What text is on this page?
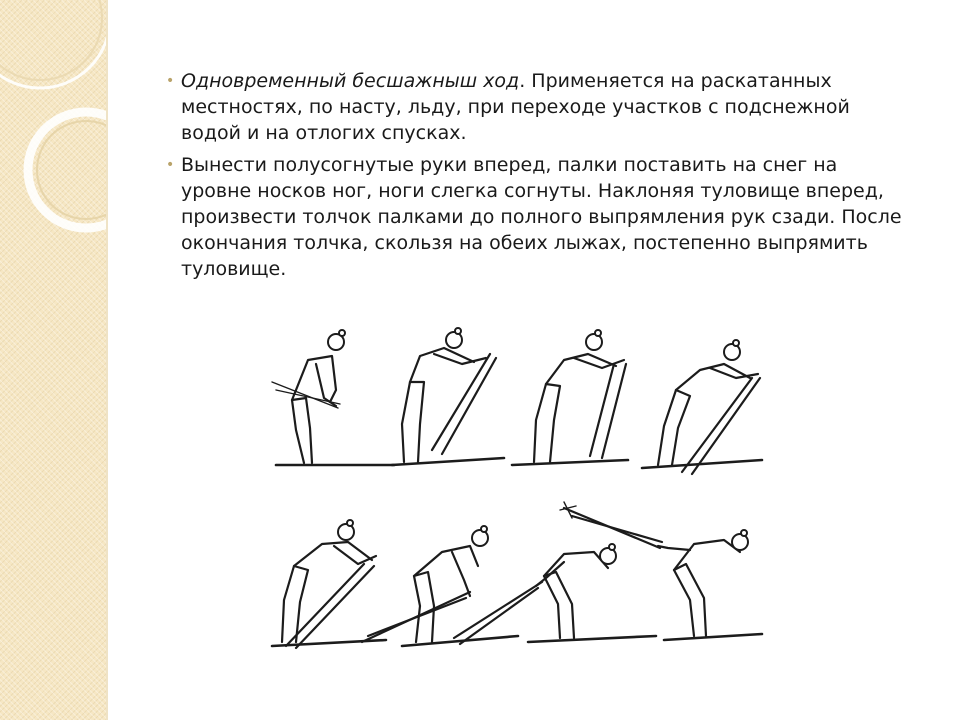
• Одновременный бесшажныш ход. Применяется на раскатанных местностях, по насту, льду, при переходе участков с подснежной водой и на отлогих спусках.
• Вынести полусогнутые руки вперед, палки поставить на снег на уровне носков ног, ноги слегка согнуты. Наклоняя туловище вперед, произвести толчок палками до полного выпрямления рук сзади. После окончания толчка, скользя на обеих лыжах, постепенно выпрямить туловище.
